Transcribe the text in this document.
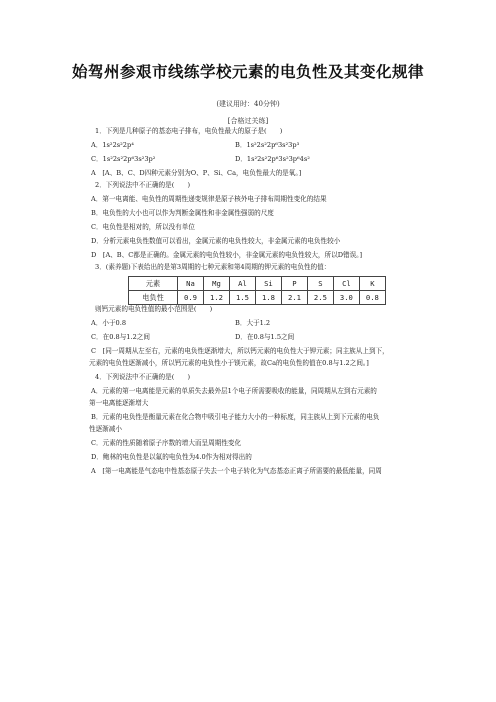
始驾州参艰市线练学校元素的电负性及其变化规律
(建议用时：40分钟)
[合格过关练]
1．下列是几种原子的基态电子排布，电负性最大的原子是(　　)
A．1s²2s²2p⁴	B．1s²2s²2p⁶3s²3p³
C．1s²2s²2p⁶3s²3p²	D．1s²2s²2p⁶3s²3p⁶4s²
A　[A、B、C、D四种元素分别为O、P、Si、Ca，电负性最大的是氧。]
2．下列说法中不正确的是(　　)
A．第一电离能、电负性的周期性递变规律是原子核外电子排布周期性变化的结果
B．电负性的大小也可以作为判断金属性和非金属性强弱的尺度
C．电负性是相对的，所以没有单位
D．分析元素电负性数值可以看出，金属元素的电负性较大，非金属元素的电负性较小
D　[A、B、C都是正确的。金属元素的电负性较小，非金属元素的电负性较大，所以D错误。]
3．(素养题)下表给出的是第3周期的七种元素和第4周期的钾元素的电负性的值：
元素	Na	Mg	Al	Si	P	S	Cl	K
电负性	0.9	1.2	1.5	1.8	2.1	2.5	3.0	0.8
则钙元素的电负性值的最小范围是(　　)
A．小于0.8	B．大于1.2
C．在0.8与1.2之间	D．在0.8与1.5之间
C　[同一周期从左至右，元素的电负性逐渐增大，所以钙元素的电负性大于钾元素；同主族从上到下，
元素的电负性逐渐减小，所以钙元素的电负性小于镁元素，故Ca的电负性的值在0.8与1.2之间。]
4．下列说法中不正确的是(　　)
A．元素的第一电离能是元素的单质失去最外层1个电子所需要吸收的能量，同周期从左到右元素的
第一电离能逐渐增大
B．元素的电负性是衡量元素在化合物中吸引电子能力大小的一种标度，同主族从上到下元素的电负
性逐渐减小
C．元素的性质随着原子序数的增大而呈周期性变化
D．鲍林的电负性是以氟的电负性为4.0作为相对得出的
A　[第一电离能是气态电中性基态原子失去一个电子转化为气态基态正离子所需要的最低能量，同周
